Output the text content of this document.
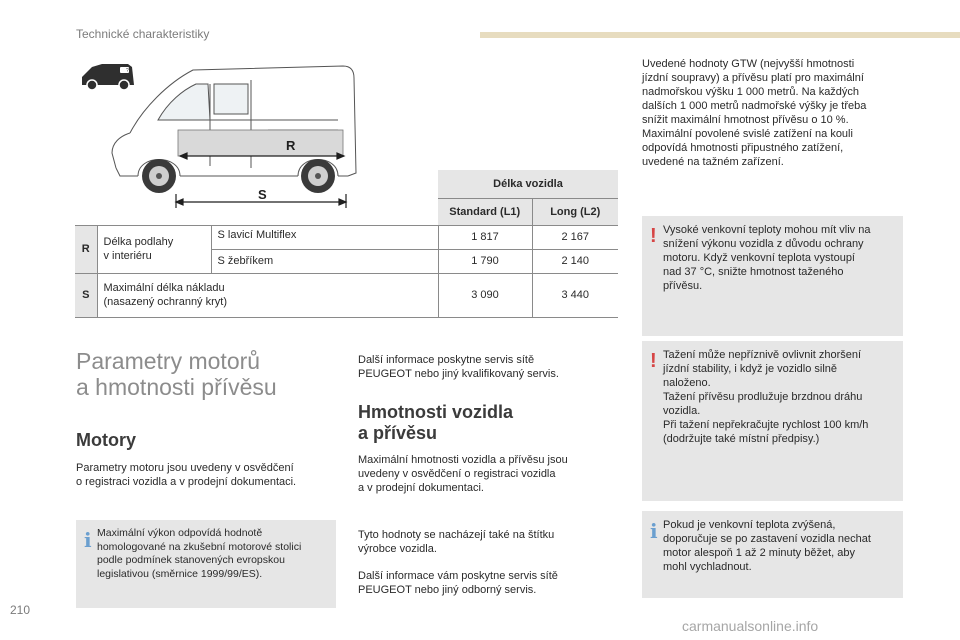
Technické charakteristiky
?
R
S
			Délka vozidla	
			Standard (L1)	Long (L2)
R	Délka podlahy
v interiéru	S lavicí Multiflex	1 817	2 167
		S žebříkem	1 790	2 140
S	Maximální délka nákladu
(nasazený ochranný kryt)		3 090	3 440
Parametry motorů
a hmotnosti přívěsu
Motory
Parametry motoru jsou uvedeny v osvědčení
o registraci vozidla a v prodejní dokumentaci.
i Maximální výkon odpovídá hodnotě
homologované na zkušební motorové stolici
podle podmínek stanovených evropskou
legislativou (směrnice 1999/99/ES).
Další informace poskytne servis sítě
PEUGEOT nebo jiný kvalifikovaný servis.
Hmotnosti vozidla
a přívěsu
Maximální hmotnosti vozidla a přívěsu jsou
uvedeny v osvědčení o registraci vozidla
a v prodejní dokumentaci.
Tyto hodnoty se nacházejí také na štítku
výrobce vozidla.
Další informace vám poskytne servis sítě
PEUGEOT nebo jiný odborný servis.
Uvedené hodnoty GTW (nejvyšší hmotnosti
jízdní soupravy) a přívěsu platí pro maximální
nadmořskou výšku 1 000 metrů. Na každých
dalších 1 000 metrů nadmořské výšky je třeba
snížit maximální hmotnost přívěsu o 10 %.
Maximální povolené svislé zatížení na kouli
odpovídá hmotnosti připustného zatížení,
uvedené na tažném zařízení.
! Vysoké venkovní teploty mohou mít vliv na
snížení výkonu vozidla z důvodu ochrany
motoru. Když venkovní teplota vystoupí
nad 37 °C, snižte hmotnost taženého
přívěsu.
! Tažení může nepříznivě ovlivnit zhoršení
jízdní stability, i když je vozidlo silně
naloženo.
Tažení přívěsu prodlužuje brzdnou dráhu
vozidla.
Při tažení nepřekračujte rychlost 100 km/h
(dodržujte také místní předpisy.)
i Pokud je venkovní teplota zvýšená,
doporučuje se po zastavení vozidla nechat
motor alespoň 1 až 2 minuty běžet, aby
mohl vychladnout.
210
carmanualsonline.info
